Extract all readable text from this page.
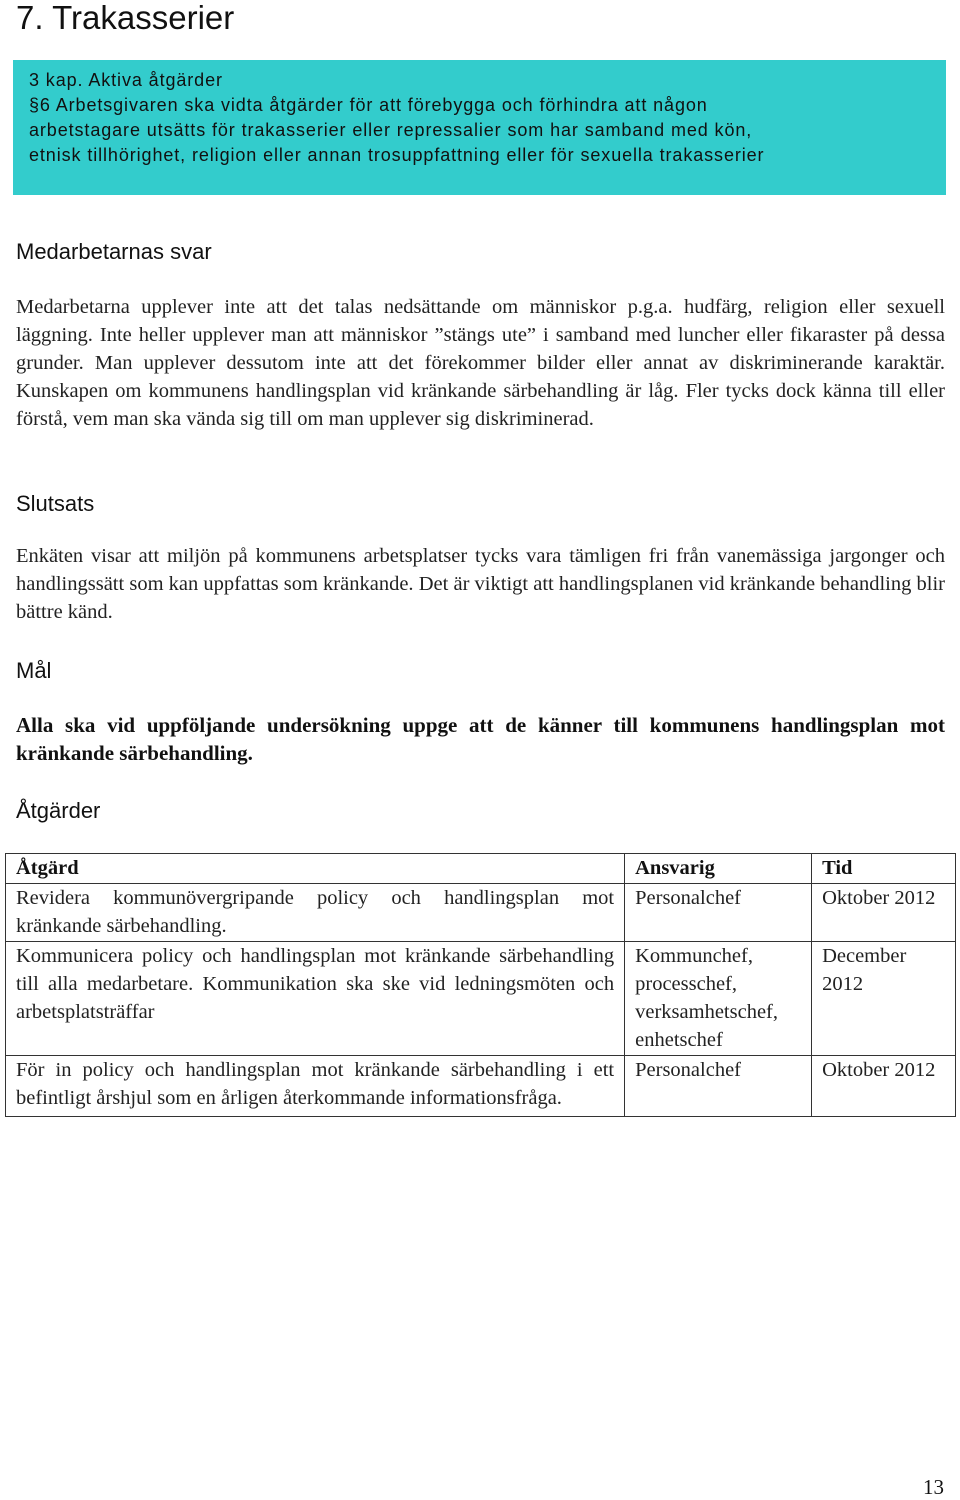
7. Trakasserier
3 kap. Aktiva åtgärder
§6 Arbetsgivaren ska vidta åtgärder för att förebygga och förhindra att någon
arbetstagare utsätts för trakasserier eller repressalier som har samband med kön,
etnisk tillhörighet, religion eller annan trosuppfattning eller för sexuella trakasserier
Medarbetarnas svar

Medarbetarna upplever inte att det talas nedsättande om människor p.g.a. hudfärg, religion eller sexuell läggning. Inte heller upplever man att människor ”stängs ute” i samband med luncher eller fikaraster på dessa grunder. Man upplever dessutom inte att det förekommer bilder eller annat av diskriminerande karaktär. Kunskapen om kommunens handlingsplan vid kränkande särbehandling är låg. Fler tycks dock känna till eller förstå, vem man ska vända sig till om man upplever sig diskriminerad.

Slutsats

Enkäten visar att miljön på kommunens arbetsplatser tycks vara tämligen fri från vanemässiga jargonger och handlingssätt som kan uppfattas som kränkande. Det är viktigt att handlingsplanen vid kränkande behandling blir bättre känd.

Mål

Alla ska vid uppföljande undersökning uppge att de känner till kommunens handlingsplan mot kränkande särbehandling.

Åtgärder
Åtgärd	Ansvarig	Tid
Revidera kommunövergripande policy och handlingsplan mot kränkande särbehandling.	Personalchef	Oktober 2012
Kommunicera policy och handlingsplan mot kränkande särbehandling till alla medarbetare. Kommunikation ska ske vid ledningsmöten och arbetsplatsträffar	Kommunchef, processchef, verksamhetschef, enhetschef	December 2012
För in policy och handlingsplan mot kränkande särbehandling i ett befintligt årshjul som en årligen återkommande informationsfråga.	Personalchef	Oktober 2012
13
